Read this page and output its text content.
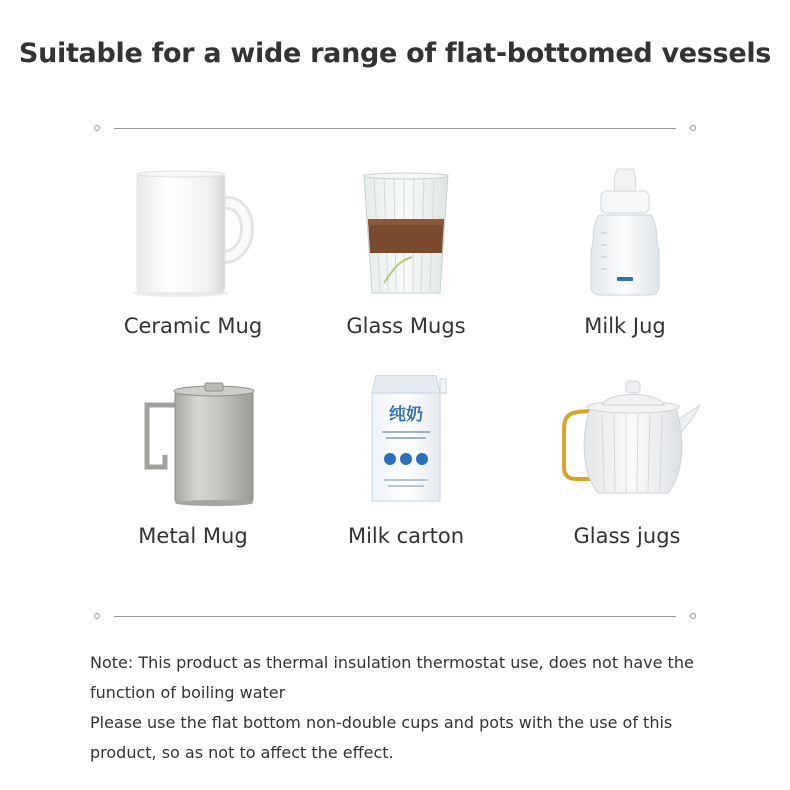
Suitable for a wide range of flat-bottomed vessels
Ceramic Mug	Glass Mugs	Milk Jug
Metal Mug
纯奶
Milk carton	Glass jugs

Note: This product as thermal insulation thermostat use, does not have the function of boiling water

Please use the flat bottom non-double cups and pots with the use of this product, so as not to affect the effect.
